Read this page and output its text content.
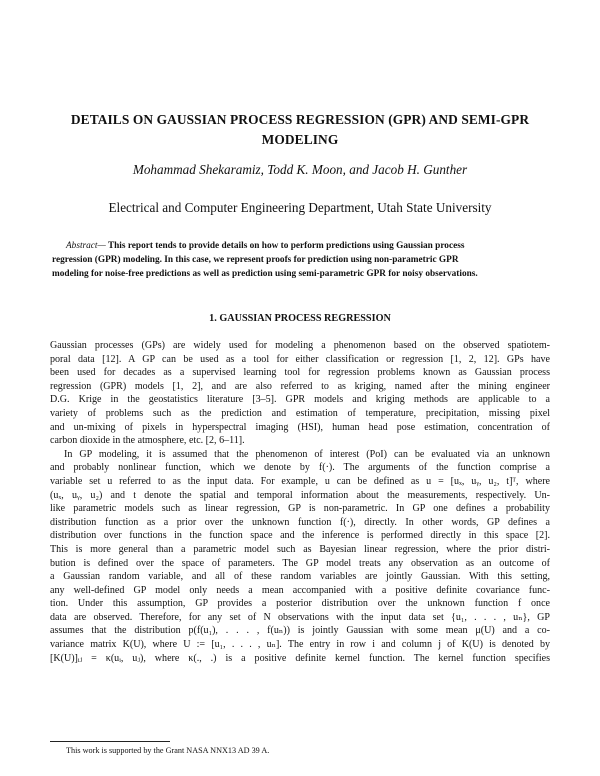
DETAILS ON GAUSSIAN PROCESS REGRESSION (GPR) AND SEMI-GPR
MODELING
Mohammad Shekaramiz, Todd K. Moon, and Jacob H. Gunther
Electrical and Computer Engineering Department, Utah State University
Abstract— This report tends to provide details on how to perform predictions using Gaussian process
regression (GPR) modeling. In this case, we represent proofs for prediction using non-parametric GPR
modeling for noise-free predictions as well as prediction using semi-parametric GPR for noisy observations.
1. GAUSSIAN PROCESS REGRESSION
Gaussian processes (GPs) are widely used for modeling a phenomenon based on the observed spatiotem-
poral data [12]. A GP can be used as a tool for either classification or regression [1, 2, 12]. GPs have
been used for decades as a supervised learning tool for regression problems known as Gaussian process
regression (GPR) models [1, 2], and are also referred to as kriging, named after the mining engineer
D.G. Krige in the geostatistics literature [3–5]. GPR models and kriging methods are applicable to a
variety of problems such as the prediction and estimation of temperature, precipitation, missing pixel
and un-mixing of pixels in hyperspectral imaging (HSI), human head pose estimation, concentration of
carbon dioxide in the atmosphere, etc. [2, 6–11].
In GP modeling, it is assumed that the phenomenon of interest (PoI) can be evaluated via an unknown
and probably nonlinear function, which we denote by f(·). The arguments of the function comprise a
variable set u referred to as the input data. For example, u can be defined as u = [uₓ, uᵧ, u₂, t]ᵀ, where
(uₓ, uᵧ, u₂) and t denote the spatial and temporal information about the measurements, respectively. Un-
like parametric models such as linear regression, GP is non-parametric. In GP one defines a probability
distribution function as a prior over the unknown function f(·), directly. In other words, GP defines a
distribution over functions in the function space and the inference is performed directly in this space [2].
This is more general than a parametric model such as Bayesian linear regression, where the prior distri-
bution is defined over the space of parameters. The GP model treats any observation as an outcome of
a Gaussian random variable, and all of these random variables are jointly Gaussian. With this setting,
any well-defined GP model only needs a mean accompanied with a positive definite covariance func-
tion. Under this assumption, GP provides a posterior distribution over the unknown function f once
data are observed. Therefore, for any set of N observations with the input data set {u₁, . . . , uₙ}, GP
assumes that the distribution p(f(u₁), . . . , f(uₙ)) is jointly Gaussian with some mean μ(U) and a co-
variance matrix K(U), where U := [u₁, . . . , uₙ]. The entry in row i and column j of K(U) is denoted by
[K(U)]ᵢⱼ = κ(uᵢ, uⱼ), where κ(., .) is a positive definite kernel function. The kernel function specifies
This work is supported by the Grant NASA NNX13 AD 39 A.
